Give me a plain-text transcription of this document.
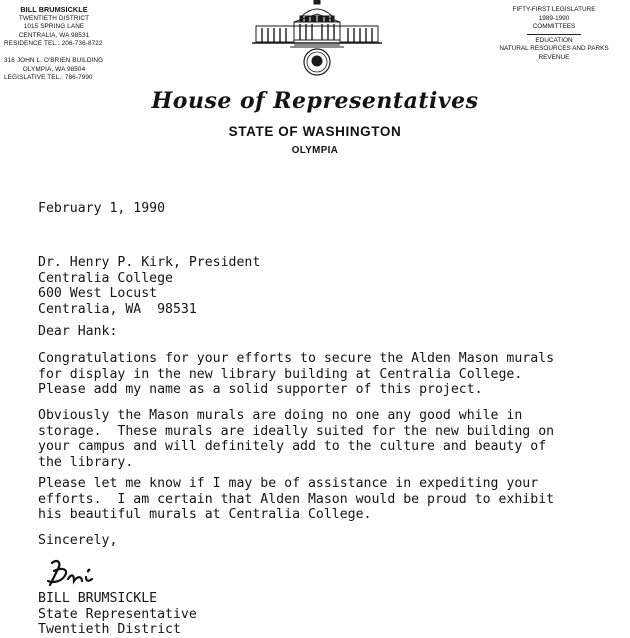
BILL BRUMSICKLE
TWENTIETH DISTRICT
1015 SPRING LANE
CENTRALIA, WA 98531
RESIDENCE TEL.: 206-736-8722
316 JOHN L. O'BRIEN BUILDING
OLYMPIA, WA 98504
LEGISLATIVE TEL.: 786-7990
FIFTY-FIRST LEGISLATURE
1989-1990
COMMITTEES
EDUCATION
NATURAL RESOURCES AND PARKS
REVENUE
House of Representatives
STATE OF WASHINGTON
OLYMPIA
February 1, 1990
Dr. Henry P. Kirk, President
Centralia College
600 West Locust
Centralia, WA  98531
Dear Hank:
Congratulations for your efforts to secure the Alden Mason murals
for display in the new library building at Centralia College.
Please add my name as a solid supporter of this project.
Obviously the Mason murals are doing no one any good while in
storage.  These murals are ideally suited for the new building on
your campus and will definitely add to the culture and beauty of
the library.
Please let me know if I may be of assistance in expediting your
efforts.  I am certain that Alden Mason would be proud to exhibit
his beautiful murals at Centralia College.
Sincerely,
BILL BRUMSICKLE
State Representative
Twentieth District
